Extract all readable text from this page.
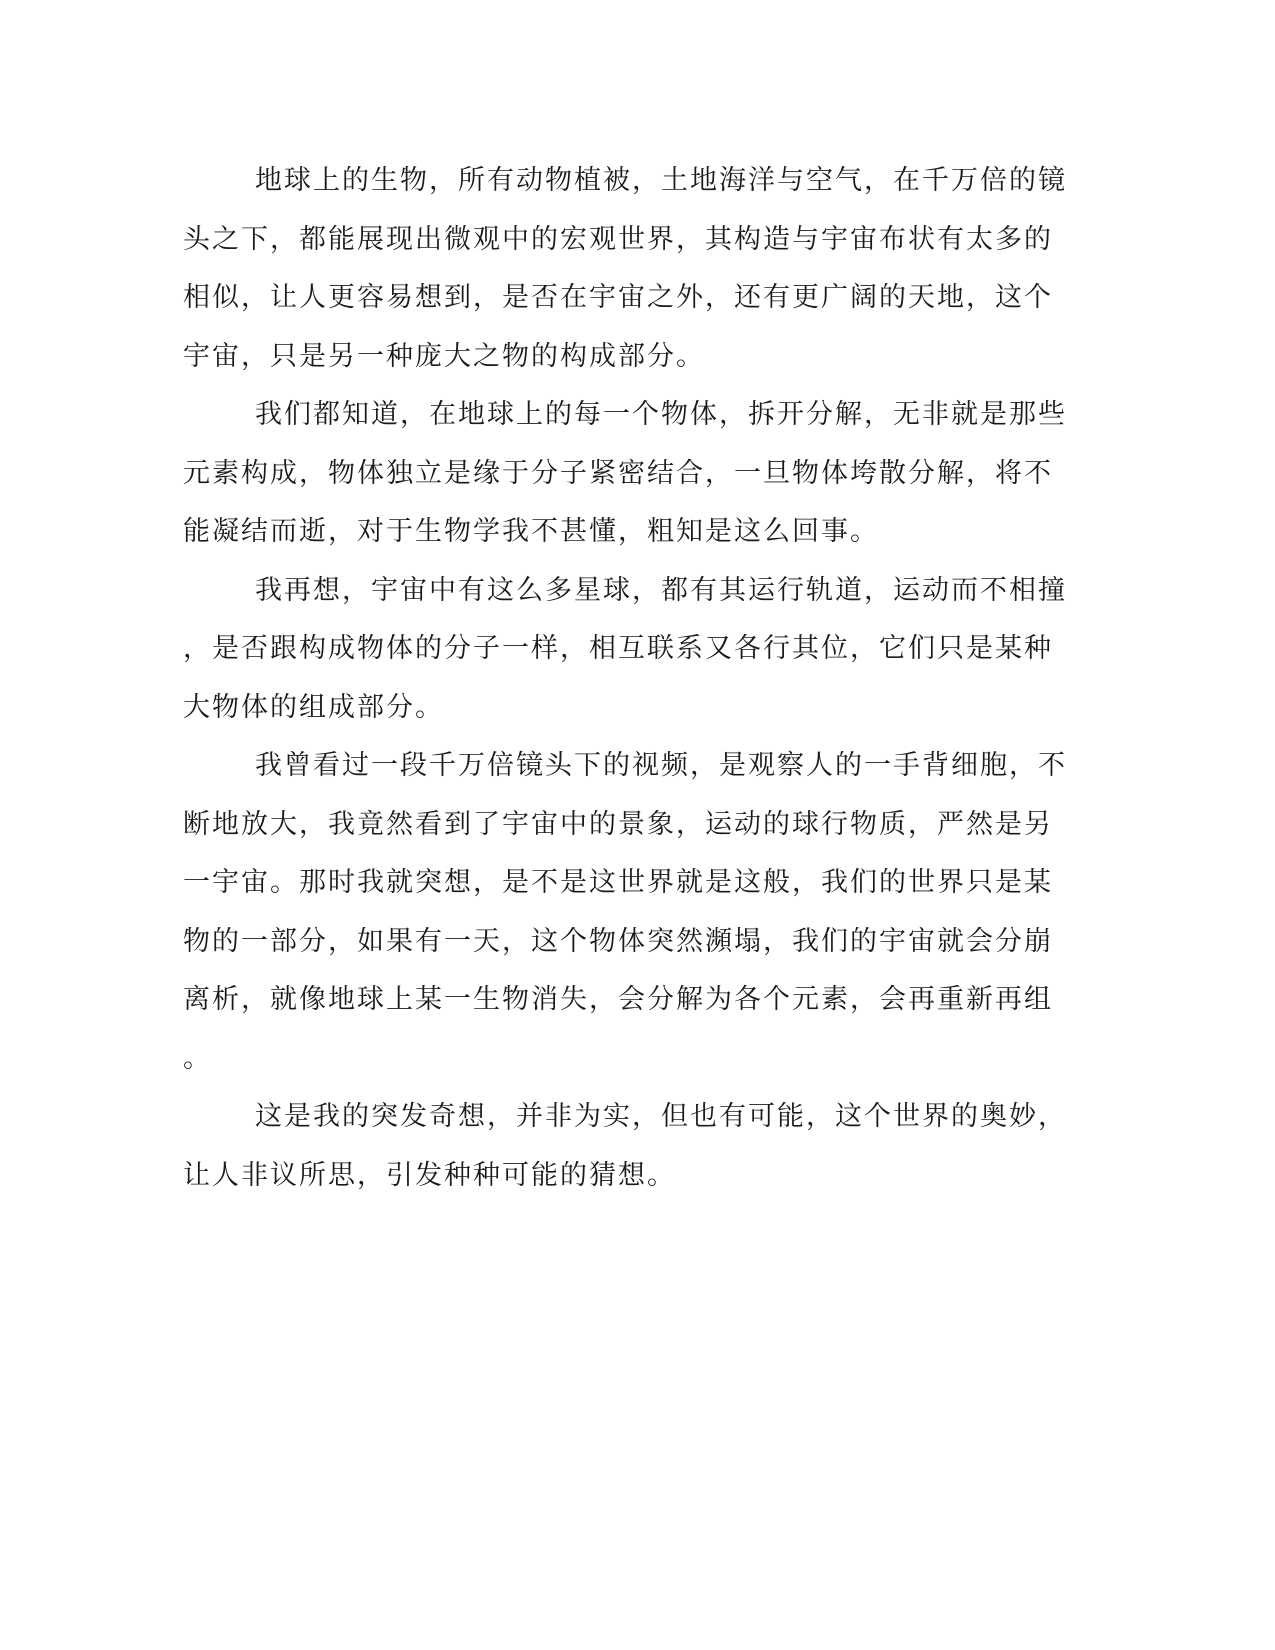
地球上的生物，所有动物植被，土地海洋与空气，在千万倍的镜
头之下，都能展现出微观中的宏观世界，其构造与宇宙布状有太多的
相似，让人更容易想到，是否在宇宙之外，还有更广阔的天地，这个
宇宙，只是另一种庞大之物的构成部分。
我们都知道，在地球上的每一个物体，拆开分解，无非就是那些
元素构成，物体独立是缘于分子紧密结合，一旦物体垮散分解，将不
能凝结而逝，对于生物学我不甚懂，粗知是这么回事。
我再想，宇宙中有这么多星球，都有其运行轨道，运动而不相撞
，是否跟构成物体的分子一样，相互联系又各行其位，它们只是某种
大物体的组成部分。
我曾看过一段千万倍镜头下的视频，是观察人的一手背细胞，不
断地放大，我竟然看到了宇宙中的景象，运动的球行物质，严然是另
一宇宙。那时我就突想，是不是这世界就是这般，我们的世界只是某
物的一部分，如果有一天，这个物体突然瀕塌，我们的宇宙就会分崩
离析，就像地球上某一生物消失，会分解为各个元素，会再重新再组
。
这是我的突发奇想，并非为实，但也有可能，这个世界的奥妙，
让人非议所思，引发种种可能的猜想。
